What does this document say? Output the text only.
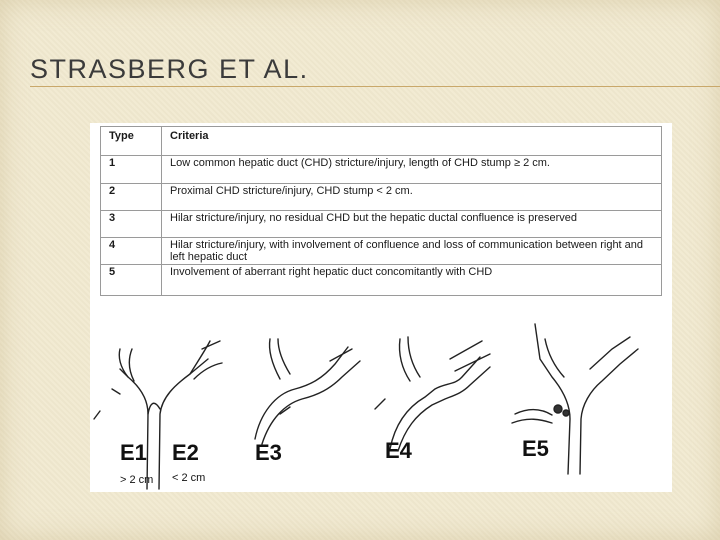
STRASBERG ET AL.
Type	Criteria
1	Low common hepatic duct (CHD) stricture/injury, length of CHD stump ≥ 2 cm.
2	Proximal CHD stricture/injury, CHD stump < 2 cm.
3	Hilar stricture/injury, no residual CHD but the hepatic ductal confluence is preserved
4	Hilar stricture/injury, with involvement of confluence and loss of communication between right and left hepatic duct
5	Involvement of aberrant right hepatic duct concomitantly with CHD
E1 E2	E3	E4	E5
> 2 cm < 2 cm
